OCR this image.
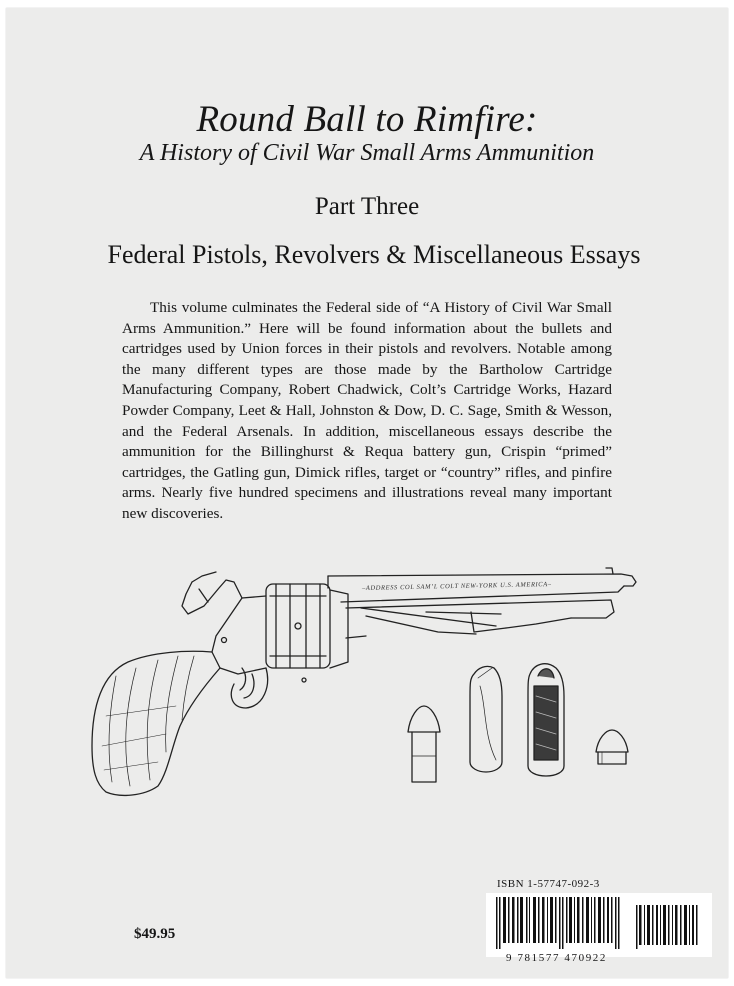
Round Ball to Rimfire:
A History of Civil War Small Arms Ammunition
Part Three
Federal Pistols, Revolvers & Miscellaneous Essays

This volume culminates the Federal side of “A History of Civil War Small Arms Ammunition.” Here will be found information about the bullets and cartridges used by Union forces in their pistols and revolvers. Notable among the many different types are those made by the Bartholow Cartridge Manufacturing Company, Robert Chadwick, Colt’s Cartridge Works, Hazard Powder Company, Leet & Hall, Johnston & Dow, D. C. Sage, Smith & Wesson, and the Federal Arsenals. In addition, miscellaneous essays describe the ammunition for the Billinghurst & Requa battery gun, Crispin “primed” cartridges, the Gatling gun, Dimick rifles, target or “country” rifles, and pinfire arms. Nearly five hundred specimens and illustrations reveal many important new discoveries.

–ADDRESS COL SAM’L COLT NEW-YORK U.S. AMERICA–
$49.95
ISBN 1-57747-092-3
9 781577 470922
